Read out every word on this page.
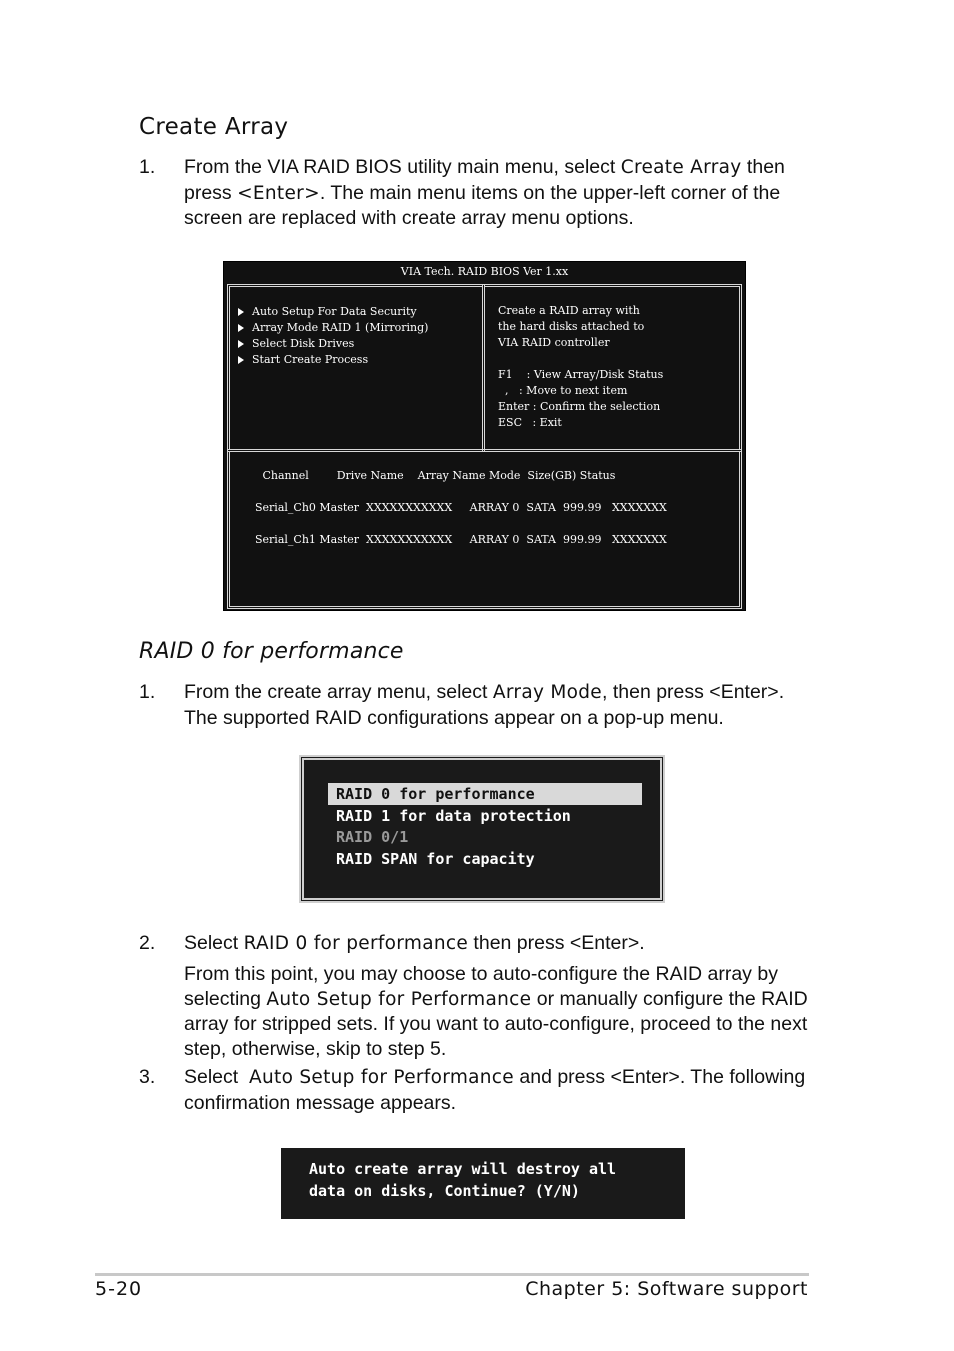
Create Array
1.	From the VIA RAID BIOS utility main menu, select Create Array then press <Enter>. The main menu items on the upper-left corner of the screen are replaced with create array menu options.
VIA Tech. RAID BIOS Ver 1.xx
Auto Setup For Data Security
Array Mode RAID 1 (Mirroring)
Select Disk Drives
Start Create Process
Create a RAID array with
the hard disks attached to
VIA RAID controller
F1    : View Array/Disk Status
,   : Move to next item
Enter : Confirm the selection
ESC   : Exit
Channel        Drive Name    Array Name Mode  Size(GB) Status
Serial_Ch0 Master  XXXXXXXXXXX     ARRAY 0  SATA  999.99   XXXXXXX
Serial_Ch1 Master  XXXXXXXXXXX     ARRAY 0  SATA  999.99   XXXXXXX
RAID 0 for performance
1.	From the create array menu, select Array Mode, then press <Enter>. The supported RAID configurations appear on a pop-up menu.
RAID 0 for performance
RAID 1 for data protection
RAID 0/1
RAID SPAN for capacity
2.	Select RAID 0 for performance then press <Enter>.
From this point, you may choose to auto-configure the RAID array by selecting Auto Setup for Performance or manually configure the RAID array for stripped sets. If you want to auto-configure, proceed to the next step, otherwise, skip to step 5.
3.	Select  Auto Setup for Performance and press <Enter>. The following confirmation message appears.
Auto create array will destroy all
data on disks, Continue? (Y/N)
5-20	Chapter 5: Software support
